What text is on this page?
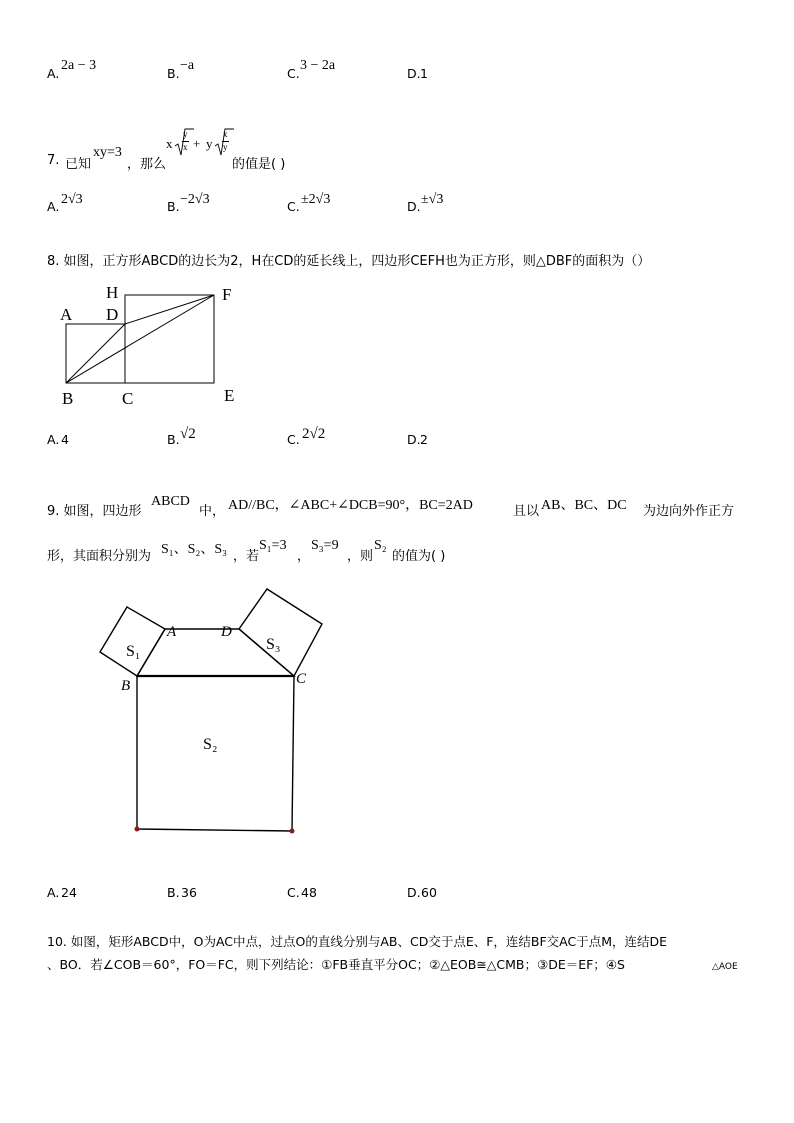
A.
2a − 3
B.
−a
C.
3 − 2a
D. 1
7. 已知
xy=3
，那么
x
y
x + y
x
y
的值是( )
A. 2√3	B. −2√3	C. ±2√3	D. ±√3
8. 如图，正方形ABCD的边长为2，H在CD的延长线上，四边形CEFH也为正方形，则△DBF的面积为（）
A
H
D
F
B	C	E
A. 4	B. √2	C. 2√2	D. 2
9. 如图，四边形
ABCD
中， AD//BC，∠ABC+∠DCB=90°，BC=2AD	且以 AB、BC、DC 为边向外作正方
形，其面积分别为 S₁、S₂、S₃ ，若
S₁=3
，
S₃=9
，则
S₂
的值为( )
A	D
B	C
S₁	S₃
S₂
A. 24	B. 36	C. 48	D. 60
10. 如图，矩形ABCD中，O为AC中点，过点O的直线分别与AB、CD交于点E、F，连结BF交AC于点M，连结DE
、BO．若∠COB＝60°，FO＝FC，则下列结论：①FB垂直平分OC；②△EOB≅△CMB；③DE＝EF；④S	△AOE
